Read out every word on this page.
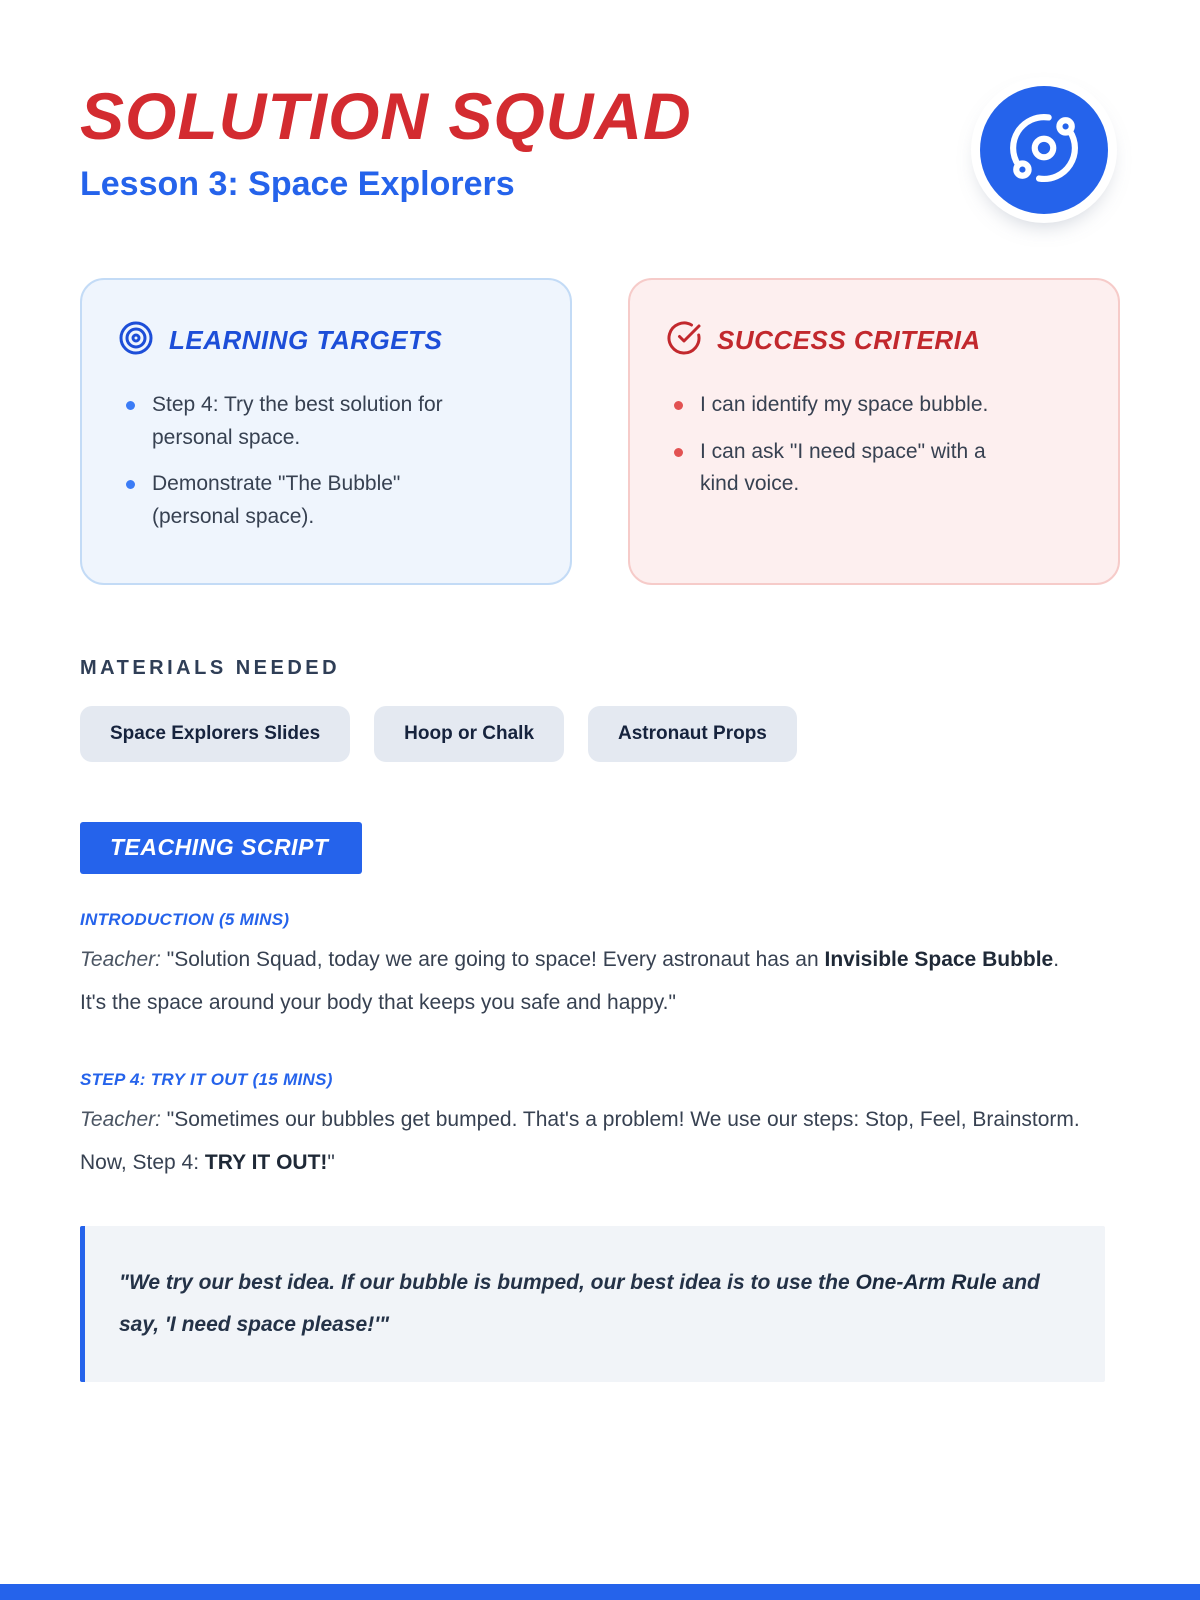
SOLUTION SQUAD
Lesson 3: Space Explorers
LEARNING TARGETS
Step 4: Try the best solution for personal space.
Demonstrate "The Bubble" (personal space).
SUCCESS CRITERIA
I can identify my space bubble.
I can ask "I need space" with a kind voice.
MATERIALS NEEDED
Space Explorers Slides	Hoop or Chalk	Astronaut Props
TEACHING SCRIPT
INTRODUCTION (5 MINS)

Teacher: "Solution Squad, today we are going to space! Every astronaut has an Invisible Space Bubble. It's the space around your body that keeps you safe and happy."

STEP 4: TRY IT OUT (15 MINS)

Teacher: "Sometimes our bubbles get bumped. That's a problem! We use our steps: Stop, Feel, Brainstorm. Now, Step 4: TRY IT OUT!"

"We try our best idea. If our bubble is bumped, our best idea is to use the One-Arm Rule and say, 'I need space please!'"
